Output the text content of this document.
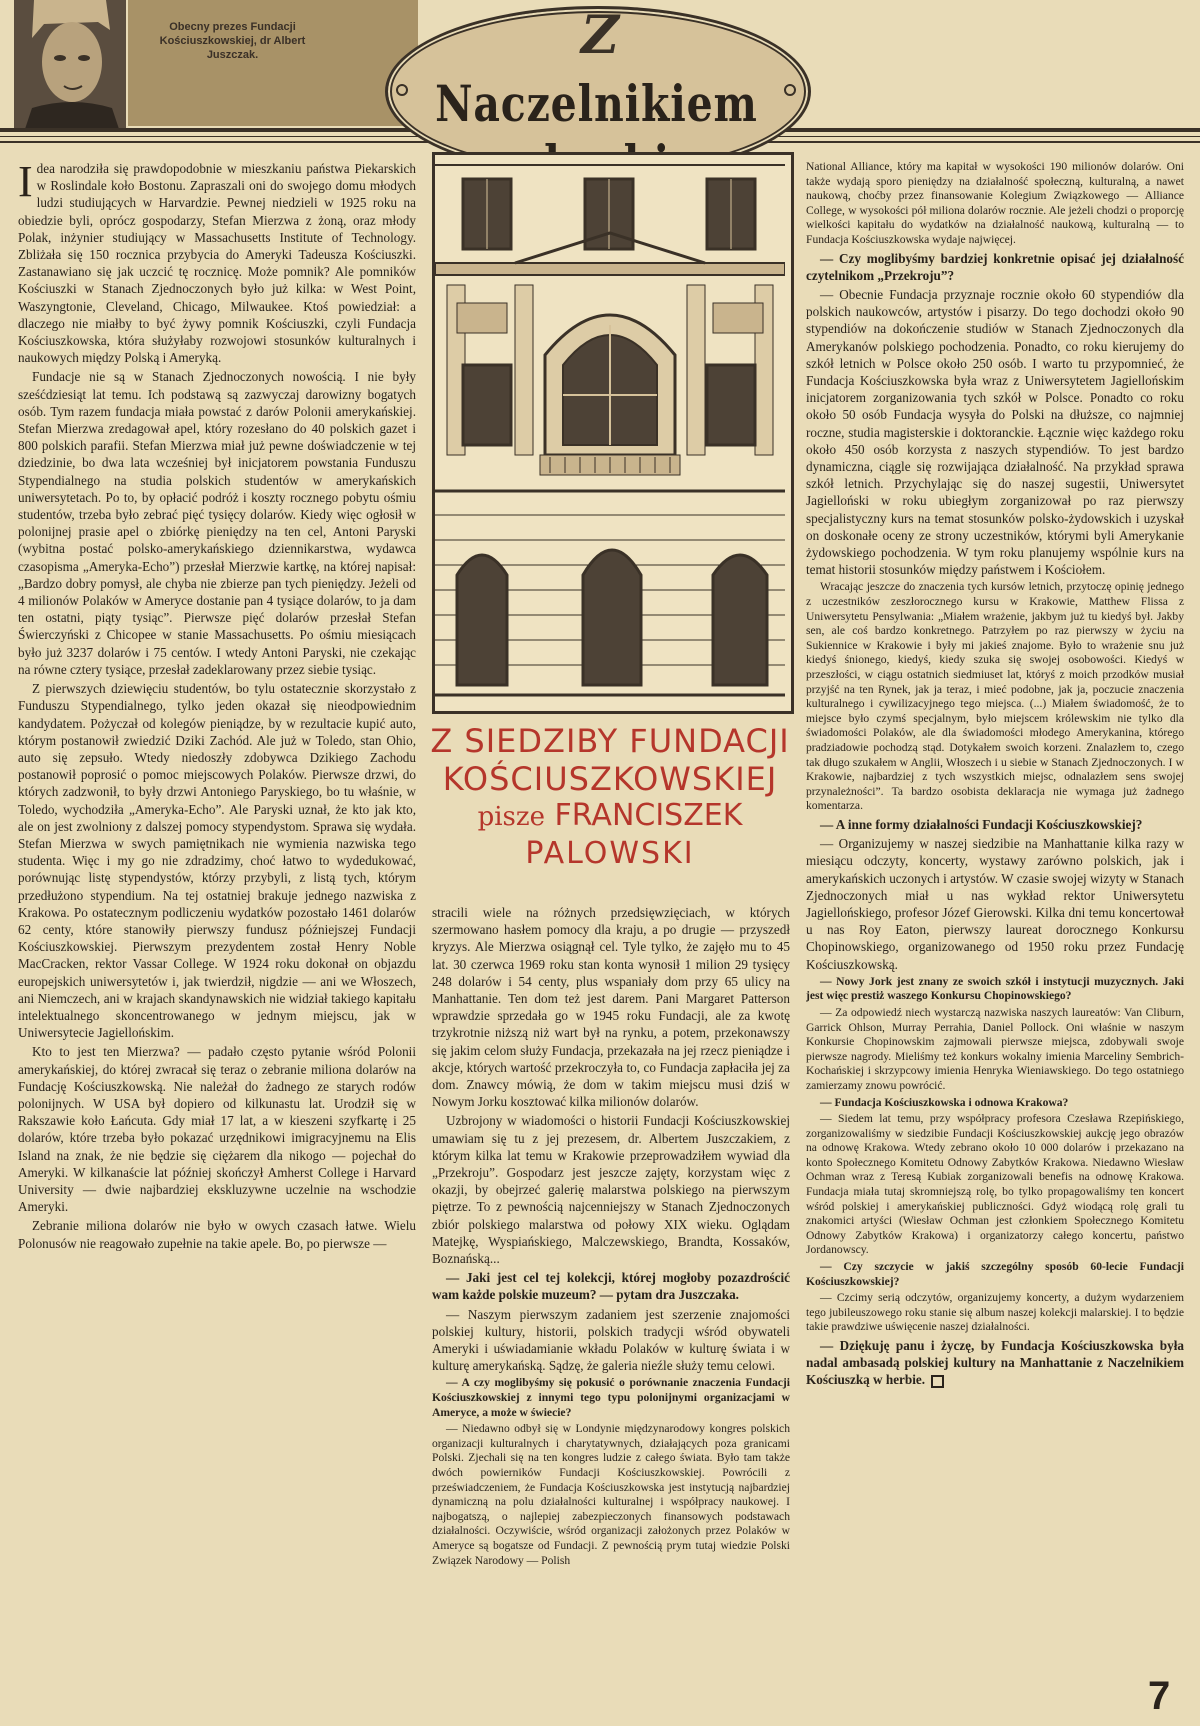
Obecny prezes Fundacji Kościuszkowskiej, dr Albert Juszczak.	Z
Naczelnikiem

Idea narodziła się prawdopodobnie w mieszkaniu państwa Piekarskich w Roslindale koło Bostonu. Zapraszali oni do swojego domu młodych ludzi studiujących w Harvardzie. Pewnej niedzieli w 1925 roku na obiedzie byli, oprócz gospodarzy, Stefan Mierzwa z żoną, oraz młody Polak, inżynier studiujący w Massachusetts Institute of Technology. Zbliżała się 150 rocznica przybycia do Ameryki Tadeusza Kościuszki. Zastanawiano się jak uczcić tę rocznicę. Może pomnik? Ale pomników Kościuszki w Stanach Zjednoczonych było już kilka: w West Point, Waszyngtonie, Cleveland, Chicago, Milwaukee. Ktoś powiedział: a dlaczego nie miałby to być żywy pomnik Kościuszki, czyli Fundacja Kościuszkowska, która służyłaby rozwojowi stosunków kulturalnych i naukowych między Polską i Ameryką.

Fundacje nie są w Stanach Zjednoczonych nowością. I nie były sześćdziesiąt lat temu. Ich podstawą są zazwyczaj darowizny bogatych osób. Tym razem fundacja miała powstać z darów Polonii amerykańskiej. Stefan Mierzwa zredagował apel, który rozesłano do 40 polskich gazet i 800 polskich parafii. Stefan Mierzwa miał już pewne doświadczenie w tej dziedzinie, bo dwa lata wcześniej był inicjatorem powstania Funduszu Stypendialnego na studia polskich studentów w amerykańskich uniwersytetach. Po to, by opłacić podróż i koszty rocznego pobytu ośmiu studentów, trzeba było zebrać pięć tysięcy dolarów. Kiedy więc ogłosił w polonijnej prasie apel o zbiórkę pieniędzy na ten cel, Antoni Paryski (wybitna postać polsko-amerykańskiego dziennikarstwa, wydawca czasopisma „Ameryka-Echo”) przesłał Mierzwie kartkę, na której napisał: „Bardzo dobry pomysł, ale chyba nie zbierze pan tych pieniędzy. Jeżeli od 4 milionów Polaków w Ameryce dostanie pan 4 tysiące dolarów, to ja dam ten ostatni, piąty tysiąc”. Pierwsze pięć dolarów przesłał Stefan Świerczyński z Chicopee w stanie Massachusetts. Po ośmiu miesiącach było już 3237 dolarów i 75 centów. I wtedy Antoni Paryski, nie czekając na równe cztery tysiące, przesłał zadeklarowany przez siebie tysiąc.

Z pierwszych dziewięciu studentów, bo tylu ostatecznie skorzystało z Funduszu Stypendialnego, tylko jeden okazał się nieodpowiednim kandydatem. Pożyczał od kolegów pieniądze, by w rezultacie kupić auto, którym postanowił zwiedzić Dziki Zachód. Ale już w Toledo, stan Ohio, auto się zepsuło. Wtedy niedoszły zdobywca Dzikiego Zachodu postanowił poprosić o pomoc miejscowych Polaków. Pierwsze drzwi, do których zadzwonił, to były drzwi Antoniego Paryskiego, bo tu właśnie, w Toledo, wychodziła „Ameryka-Echo”. Ale Paryski uznał, że kto jak kto, ale on jest zwolniony z dalszej pomocy stypendystom. Sprawa się wydała. Stefan Mierzwa w swych pamiętnikach nie wymienia nazwiska tego studenta. Więc i my go nie zdradzimy, choć łatwo to wydedukować, porównując listę stypendystów, którzy przybyli, z listą tych, którym przedłużono stypendium. Na tej ostatniej brakuje jednego nazwiska z Krakowa. Po ostatecznym podliczeniu wydatków pozostało 1461 dolarów 62 centy, które stanowiły pierwszy fundusz późniejszej Fundacji Kościuszkowskiej. Pierwszym prezydentem został Henry Noble MacCracken, rektor Vassar College. W 1924 roku dokonał on objazdu europejskich uniwersytetów i, jak twierdził, nigdzie — ani we Włoszech, ani Niemczech, ani w krajach skandynawskich nie widział takiego kapitału intelektualnego skoncentrowanego w jednym miejscu, jak w Uniwersytecie Jagiellońskim.

Kto to jest ten Mierzwa? — padało często pytanie wśród Polonii amerykańskiej, do której zwracał się teraz o zebranie miliona dolarów na Fundację Kościuszkowską. Nie należał do żadnego ze starych rodów polonijnych. W USA był dopiero od kilkunastu lat. Urodził się w Rakszawie koło Łańcuta. Gdy miał 17 lat, a w kieszeni szyfkartę i 25 dolarów, które trzeba było pokazać urzędnikowi imigracyjnemu na Elis Island na znak, że nie będzie się ciężarem dla nikogo — pojechał do Ameryki. W kilkanaście lat później skończył Amherst College i Harvard University — dwie najbardziej ekskluzywne uczelnie na wschodzie Ameryki.

Zebranie miliona dolarów nie było w owych czasach łatwe. Wielu Polonusów nie reagowało zupełnie na takie apele. Bo, po pierwsze —

Z SIEDZIBY FUNDACJI
KOŚCIUSZKOWSKIEJ
pisze FRANCISZEK
PALOWSKI

stracili wiele na różnych przedsięwzięciach, w których szermowano hasłem pomocy dla kraju, a po drugie — przyszedł kryzys. Ale Mierzwa osiągnął cel. Tyle tylko, że zajęło mu to 45 lat. 30 czerwca 1969 roku stan konta wynosił 1 milion 29 tysięcy 248 dolarów i 54 centy, plus wspaniały dom przy 65 ulicy na Manhattanie. Ten dom też jest darem. Pani Margaret Patterson wprawdzie sprzedała go w 1945 roku Fundacji, ale za kwotę trzykrotnie niższą niż wart był na rynku, a potem, przekonawszy się jakim celom służy Fundacja, przekazała na jej rzecz pieniądze i akcje, których wartość przekroczyła to, co Fundacja zapłaciła jej za dom. Znawcy mówią, że dom w takim miejscu musi dziś w Nowym Jorku kosztować kilka milionów dolarów.

Uzbrojony w wiadomości o historii Fundacji Kościuszkowskiej umawiam się tu z jej prezesem, dr. Albertem Juszczakiem, z którym kilka lat temu w Krakowie przeprowadziłem wywiad dla „Przekroju”. Gospodarz jest jeszcze zajęty, korzystam więc z okazji, by obejrzeć galerię malarstwa polskiego na pierwszym piętrze. To z pewnością najcenniejszy w Stanach Zjednoczonych zbiór polskiego malarstwa od połowy XIX wieku. Oglądam Matejkę, Wyspiańskiego, Malczewskiego, Brandta, Kossaków, Boznańską...

— Jaki jest cel tej kolekcji, której mogłoby pozazdrościć wam każde polskie muzeum? — pytam dra Juszczaka.

— Naszym pierwszym zadaniem jest szerzenie znajomości polskiej kultury, historii, polskich tradycji wśród obywateli Ameryki i uświadamianie wkładu Polaków w kulturę świata i w kulturę amerykańską. Sądzę, że galeria nieźle służy temu celowi.

— A czy moglibyśmy się pokusić o porównanie znaczenia Fundacji Kościuszkowskiej z innymi tego typu polonijnymi organizacjami w Ameryce, a może w świecie?

— Niedawno odbył się w Londynie międzynarodowy kongres polskich organizacji kulturalnych i charytatywnych, działających poza granicami Polski. Zjechali się na ten kongres ludzie z całego świata. Było tam także dwóch powierników Fundacji Kościuszkowskiej. Powrócili z przeświadczeniem, że Fundacja Kościuszkowska jest instytucją najbardziej dynamiczną na polu działalności kulturalnej i współpracy naukowej. I najbogatszą, o najlepiej zabezpieczonych finansowych podstawach działalności. Oczywiście, wśród organizacji założonych przez Polaków w Ameryce są bogatsze od Fundacji. Z pewnością prym tutaj wiedzie Polski Związek Narodowy — Polish

National Alliance, który ma kapitał w wysokości 190 milionów dolarów. Oni także wydają sporo pieniędzy na działalność społeczną, kulturalną, a nawet naukową, choćby przez finansowanie Kolegium Związkowego — Alliance College, w wysokości pół miliona dolarów rocznie. Ale jeżeli chodzi o proporcję wielkości kapitału do wydatków na działalność naukową, kulturalną — to Fundacja Kościuszkowska wydaje najwięcej.

— Czy moglibyśmy bardziej konkretnie opisać jej działalność czytelnikom „Przekroju”?

— Obecnie Fundacja przyznaje rocznie około 60 stypendiów dla polskich naukowców, artystów i pisarzy. Do tego dochodzi około 90 stypendiów na dokończenie studiów w Stanach Zjednoczonych dla Amerykanów polskiego pochodzenia. Ponadto, co roku kierujemy do szkół letnich w Polsce około 250 osób. I warto tu przypomnieć, że Fundacja Kościuszkowska była wraz z Uniwersytetem Jagiellońskim inicjatorem zorganizowania tych szkół w Polsce. Ponadto co roku około 50 osób Fundacja wysyła do Polski na dłuższe, co najmniej roczne, studia magisterskie i doktoranckie. Łącznie więc każdego roku około 450 osób korzysta z naszych stypendiów. To jest bardzo dynamiczna, ciągle się rozwijająca działalność. Na przykład sprawa szkół letnich. Przychylając się do naszej sugestii, Uniwersytet Jagielloński w roku ubiegłym zorganizował po raz pierwszy specjalistyczny kurs na temat stosunków polsko-żydowskich i uzyskał on doskonałe oceny ze strony uczestników, którymi byli Amerykanie żydowskiego pochodzenia. W tym roku planujemy wspólnie kurs na temat historii stosunków między państwem i Kościołem.

Wracając jeszcze do znaczenia tych kursów letnich, przytoczę opinię jednego z uczestników zeszłorocznego kursu w Krakowie, Matthew Flissa z Uniwersytetu Pensylwania: „Miałem wrażenie, jakbym już tu kiedyś był. Jakby sen, ale coś bardzo konkretnego. Patrzyłem po raz pierwszy w życiu na Sukiennice w Krakowie i były mi jakieś znajome. Było to wrażenie snu już kiedyś śnionego, kiedyś, kiedy szuka się swojej osobowości. Kiedyś w przeszłości, w ciągu ostatnich siedmiuset lat, któryś z moich przodków musiał przyjść na ten Rynek, jak ja teraz, i mieć podobne, jak ja, poczucie znaczenia kulturalnego i cywilizacyjnego tego miejsca. (...) Miałem świadomość, że to miejsce było czymś specjalnym, było miejscem królewskim nie tylko dla świadomości Polaków, ale dla świadomości młodego Amerykanina, którego pradziadowie pochodzą stąd. Dotykałem swoich korzeni. Znalazłem to, czego tak długo szukałem w Anglii, Włoszech i u siebie w Stanach Zjednoczonych. I w Krakowie, najbardziej z tych wszystkich miejsc, odnalazłem sens swojej przynależności”. Ta bardzo osobista deklaracja nie wymaga już żadnego komentarza.

— A inne formy działalności Fundacji Kościuszkowskiej?

— Organizujemy w naszej siedzibie na Manhattanie kilka razy w miesiącu odczyty, koncerty, wystawy zarówno polskich, jak i amerykańskich uczonych i artystów. W czasie swojej wizyty w Stanach Zjednoczonych miał u nas wykład rektor Uniwersytetu Jagiellońskiego, profesor Józef Gierowski. Kilka dni temu koncertował u nas Roy Eaton, pierwszy laureat dorocznego Konkursu Chopinowskiego, organizowanego od 1950 roku przez Fundację Kościuszkowską.

— Nowy Jork jest znany ze swoich szkół i instytucji muzycznych. Jaki jest więc prestiż waszego Konkursu Chopinowskiego?

— Za odpowiedź niech wystarczą nazwiska naszych laureatów: Van Cliburn, Garrick Ohlson, Murray Perrahia, Daniel Pollock. Oni właśnie w naszym Konkursie Chopinowskim zajmowali pierwsze miejsca, zdobywali swoje pierwsze nagrody. Mieliśmy też konkurs wokalny imienia Marceliny Sembrich-Kochańskiej i skrzypcowy imienia Henryka Wieniawskiego. Do tego ostatniego zamierzamy znowu powrócić.

— Fundacja Kościuszkowska i odnowa Krakowa?

— Siedem lat temu, przy współpracy profesora Czesława Rzepińskiego, zorganizowaliśmy w siedzibie Fundacji Kościuszkowskiej aukcję jego obrazów na odnowę Krakowa. Wtedy zebrano około 10 000 dolarów i przekazano na konto Społecznego Komitetu Odnowy Zabytków Krakowa. Niedawno Wiesław Ochman wraz z Teresą Kubiak zorganizowali benefis na odnowę Krakowa. Fundacja miała tutaj skromniejszą rolę, bo tylko propagowaliśmy ten koncert wśród polskiej i amerykańskiej publiczności. Gdyż wiodącą rolę grali tu znakomici artyści (Wiesław Ochman jest członkiem Społecznego Komitetu Odnowy Zabytków Krakowa) i organizatorzy całego koncertu, państwo Jordanowscy.

— Czy szczycie w jakiś szczególny sposób 60-lecie Fundacji Kościuszkowskiej?

— Czcimy serią odczytów, organizujemy koncerty, a dużym wydarzeniem tego jubileuszowego roku stanie się album naszej kolekcji malarskiej. I to będzie takie prawdziwe uświęcenie naszej działalności.

— Dziękuję panu i życzę, by Fundacja Kościuszkowska była nadal ambasadą polskiej kultury na Manhattanie z Naczelnikiem Kościuszką w herbie.

7
